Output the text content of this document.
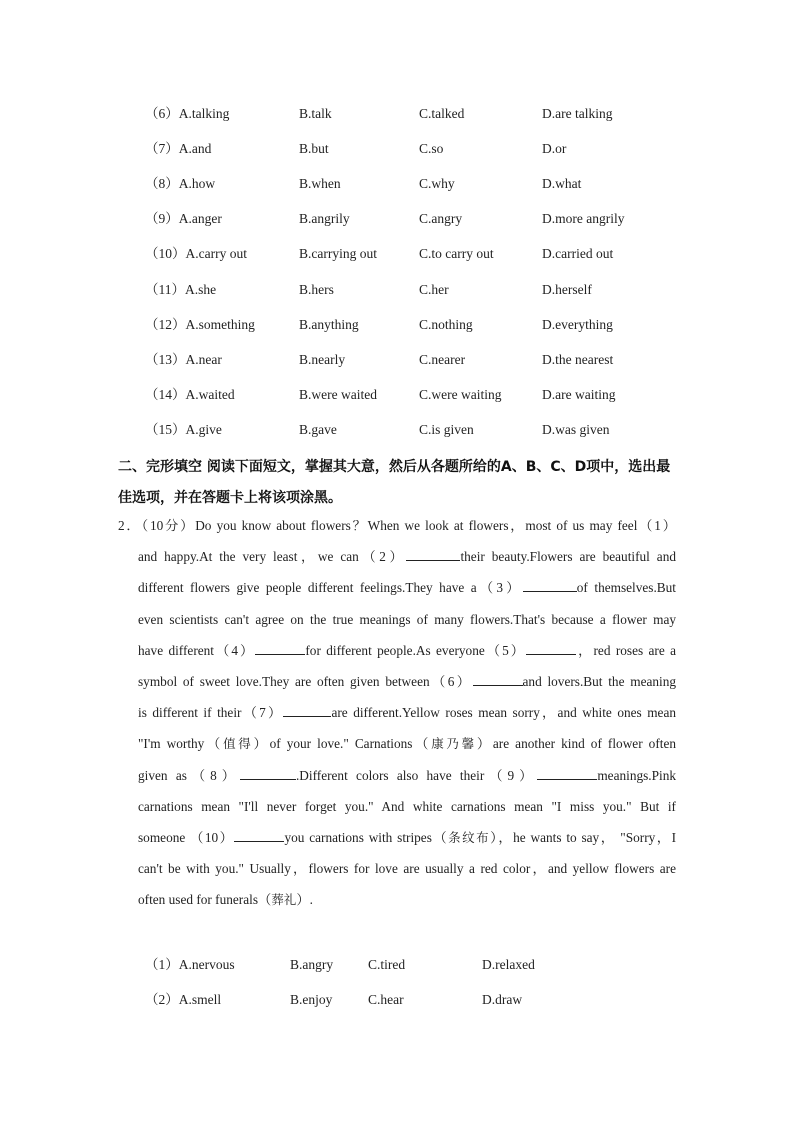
（6）A.talking	B.talk	C.talked	D.are talking
（7）A.and	B.but	C.so	D.or
（8）A.how	B.when	C.why	D.what
（9）A.anger	B.angrily	C.angry	D.more angrily
（10）A.carry out	B.carrying out	C.to carry out	D.carried out
（11）A.she	B.hers	C.her	D.herself
（12）A.something	B.anything	C.nothing	D.everything
（13）A.near	B.nearly	C.nearer	D.the nearest
（14）A.waited	B.were waited	C.were waiting	D.are waiting
（15）A.give	B.gave	C.is given	D.was given
二、完形填空 阅读下面短文，掌握其大意，然后从各题所给的A、B、C、D项中，选出最佳选项，并在答题卡上将该项涂黑。
2．（10分）Do you know about flowers？When we look at flowers，most of us may feel（1）
and happy.At the very least，we can（2）	their beauty.Flowers are beautiful and
different flowers give people different feelings.They have a（3）	of themselves.But
even scientists can't agree on the true meanings of many flowers.That's because a flower may
have different（4）	for different people.As everyone（5）	，red roses are a
symbol of sweet love.They are often given between（6）	and lovers.But the meaning
is different if their（7）	are different.Yellow roses mean sorry，and white ones mean
"I'm worthy（值得）of your love." Carnations（康乃馨）are another kind of flower often
given as（8）	.Different colors also have their（9）	meanings.Pink
carnations mean "I'll never forget you." And white carnations mean "I miss you." But if
someone （10）	you carnations with stripes（条纹布），he wants to say， "Sorry，I
can't be with you." Usually，flowers for love are usually a red color，and yellow flowers are
often used for funerals（葬礼）.
（1）A.nervous	B.angry	C.tired	D.relaxed
（2）A.smell	B.enjoy	C.hear	D.draw
